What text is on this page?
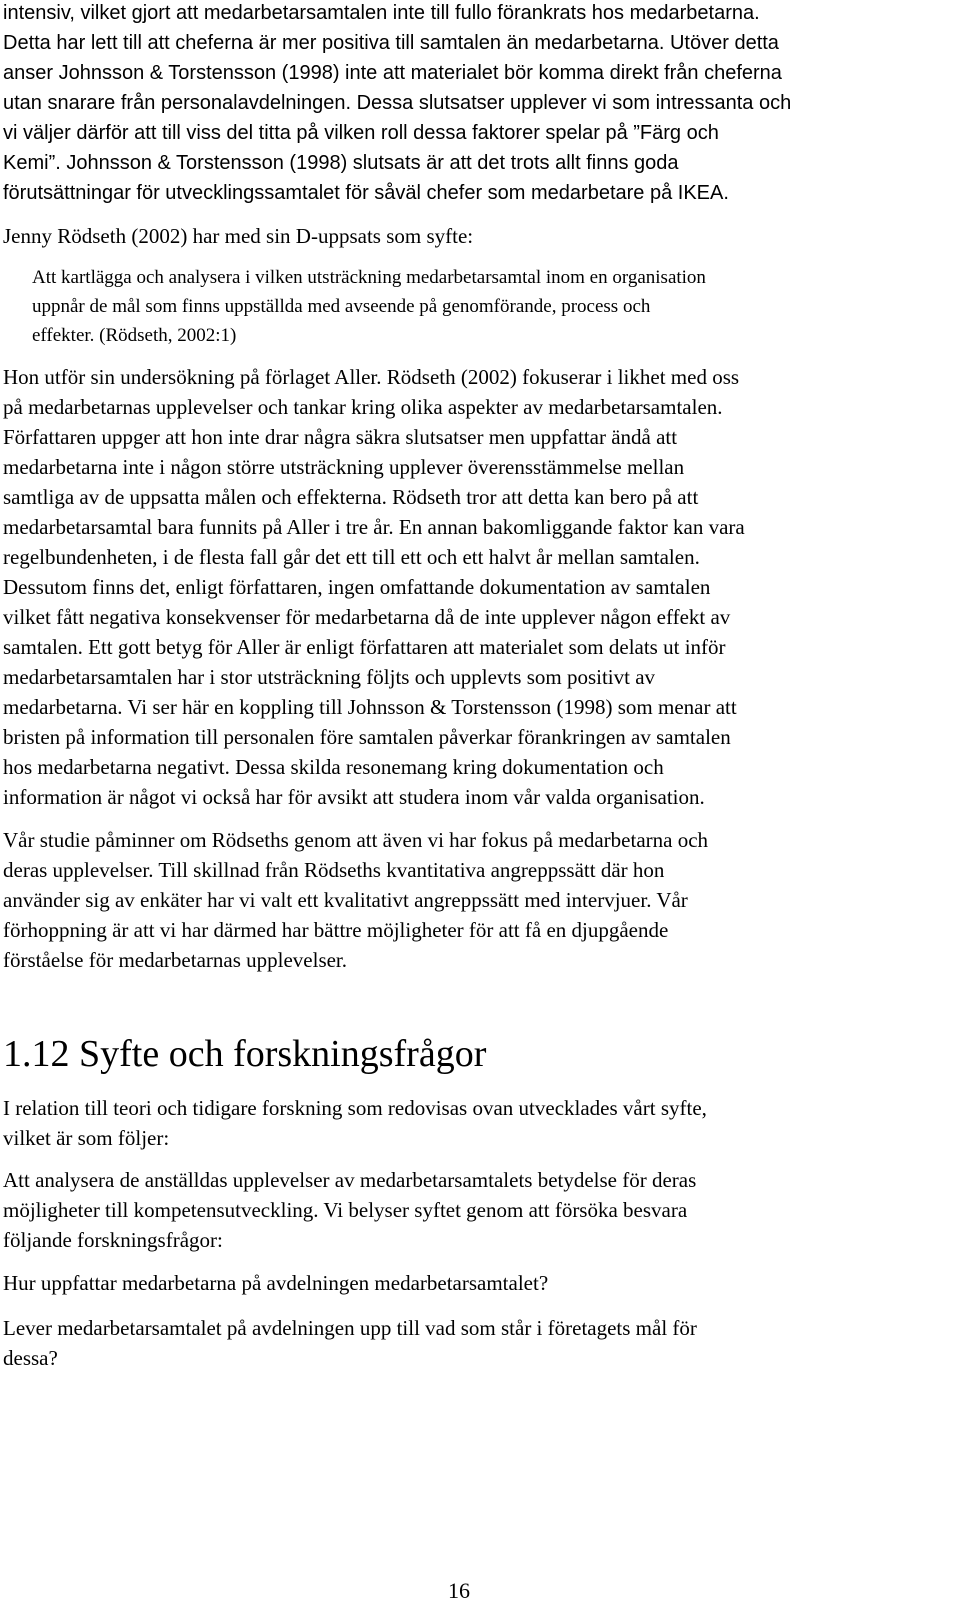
intensiv, vilket gjort att medarbetarsamtalen inte till fullo förankrats hos medarbetarna.
Detta har lett till att cheferna är mer positiva till samtalen än medarbetarna. Utöver detta
anser Johnsson & Torstensson (1998) inte att materialet bör komma direkt från cheferna
utan snarare från personalavdelningen. Dessa slutsatser upplever vi som intressanta och
vi väljer därför att till viss del titta på vilken roll dessa faktorer spelar på ”Färg och
Kemi”. Johnsson & Torstensson (1998) slutsats är att det trots allt finns goda
förutsättningar för utvecklingssamtalet för såväl chefer som medarbetare på IKEA.

Jenny Rödseth (2002) har med sin D-uppsats som syfte:

Att kartlägga och analysera i vilken utsträckning medarbetarsamtal inom en organisation
uppnår de mål som finns uppställda med avseende på genomförande, process och
effekter. (Rödseth, 2002:1)

Hon utför sin undersökning på förlaget Aller. Rödseth (2002) fokuserar i likhet med oss
på medarbetarnas upplevelser och tankar kring olika aspekter av medarbetarsamtalen.
Författaren uppger att hon inte drar några säkra slutsatser men uppfattar ändå att
medarbetarna inte i någon större utsträckning upplever överensstämmelse mellan
samtliga av de uppsatta målen och effekterna. Rödseth tror att detta kan bero på att
medarbetarsamtal bara funnits på Aller i tre år. En annan bakomliggande faktor kan vara
regelbundenheten, i de flesta fall går det ett till ett och ett halvt år mellan samtalen.
Dessutom finns det, enligt författaren, ingen omfattande dokumentation av samtalen
vilket fått negativa konsekvenser för medarbetarna då de inte upplever någon effekt av
samtalen. Ett gott betyg för Aller är enligt författaren att materialet som delats ut inför
medarbetarsamtalen har i stor utsträckning följts och upplevts som positivt av
medarbetarna. Vi ser här en koppling till Johnsson & Torstensson (1998) som menar att
bristen på information till personalen före samtalen påverkar förankringen av samtalen
hos medarbetarna negativt. Dessa skilda resonemang kring dokumentation och
information är något vi också har för avsikt att studera inom vår valda organisation.

Vår studie påminner om Rödseths genom att även vi har fokus på medarbetarna och
deras upplevelser. Till skillnad från Rödseths kvantitativa angreppssätt där hon
använder sig av enkäter har vi valt ett kvalitativt angreppssätt med intervjuer. Vår
förhoppning är att vi har därmed har bättre möjligheter för att få en djupgående
förståelse för medarbetarnas upplevelser.

1.12 Syfte och forskningsfrågor

I relation till teori och tidigare forskning som redovisas ovan utvecklades vårt syfte,
vilket är som följer:

Att analysera de anställdas upplevelser av medarbetarsamtalets betydelse för deras
möjligheter till kompetensutveckling. Vi belyser syftet genom att försöka besvara
följande forskningsfrågor:

Hur uppfattar medarbetarna på avdelningen medarbetarsamtalet?

Lever medarbetarsamtalet på avdelningen upp till vad som står i företagets mål för
dessa?

16
